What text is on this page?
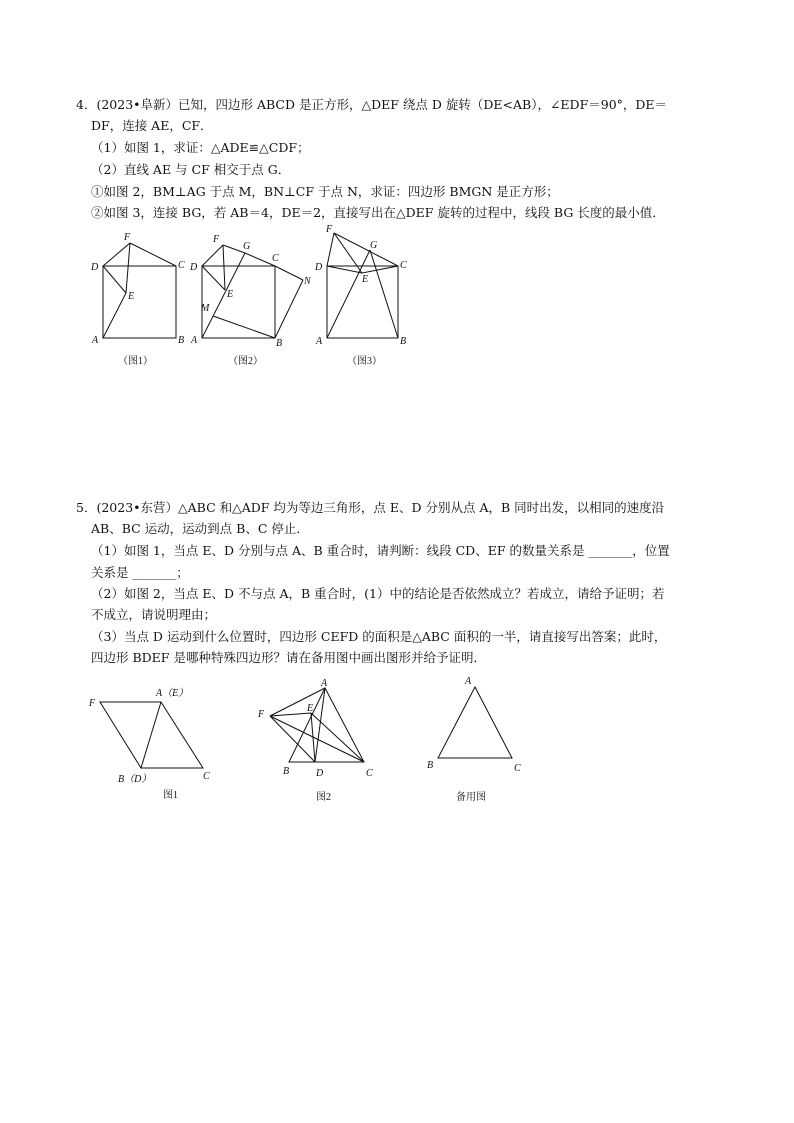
4．(2023•阜新）已知，四边形 ABCD 是正方形，△DEF 绕点 D 旋转（DE<AB），∠EDF＝90°，DE＝
DF，连接 AE，CF．
（1）如图 1，求证：△ADE≌△CDF；
（2）直线 AE 与 CF 相交于点 G．
①如图 2，BM⊥AG 于点 M，BN⊥CF 于点 N，求证：四边形 BMGN 是正方形；
②如图 3，连接 BG，若 AB＝4，DE＝2，直接写出在△DEF 旋转的过程中，线段 BG 长度的最小值．
F
D	C
E
A	B
（图1）
F
G
D
C
E
M
N
A	B
（图2）
F
G
D	C
E
A	B
（图3）
5．(2023•东营）△ABC 和△ADF 均为等边三角形，点 E、D 分别从点 A，B 同时出发，以相同的速度沿
AB、BC 运动，运动到点 B、C 停止．
（1）如图 1，当点 E、D 分别与点 A、B 重合时，请判断：线段 CD、EF 的数量关系是 _______，位置
关系是 _______；
（2）如图 2，当点 E、D 不与点 A，B 重合时，(1）中的结论是否依然成立？若成立，请给予证明；若
不成立，请说明理由；
（3）当点 D 运动到什么位置时，四边形 CEFD 的面积是△ABC 面积的一半，请直接写出答案；此时，
四边形 BDEF 是哪种特殊四边形？请在备用图中画出图形并给予证明．
F
A（E）
B（D）	C
图1
A
F
E
B	D	C
图2
A
B	C
备用图
